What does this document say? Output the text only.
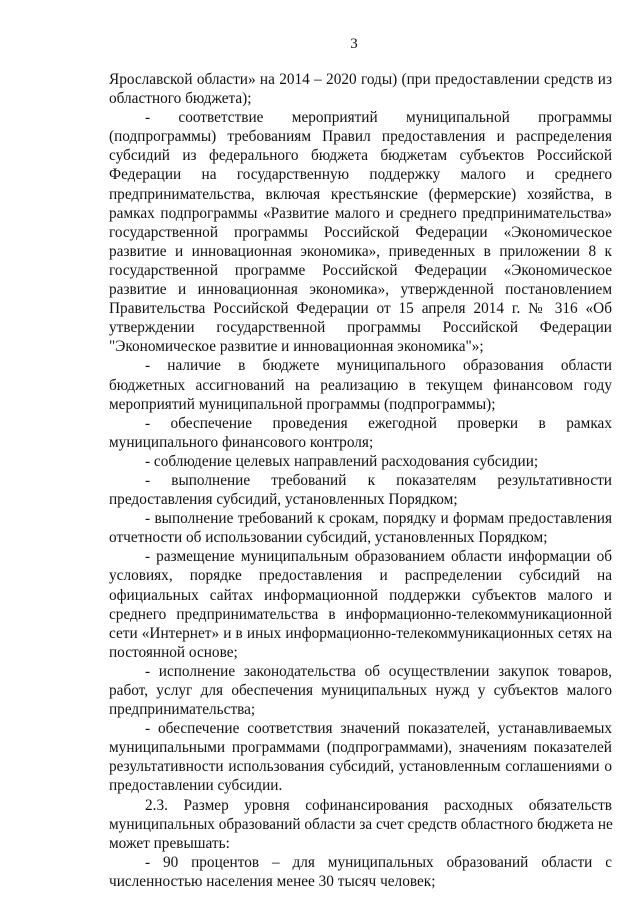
3
Ярославской области» на 2014 – 2020 годы) (при предоставлении средств из
областного бюджета);
- соответствие мероприятий муниципальной программы
(подпрограммы) требованиям Правил предоставления и распределения
субсидий из федерального бюджета бюджетам субъектов Российской
Федерации на государственную поддержку малого и среднего
предпринимательства, включая крестьянские (фермерские) хозяйства, в
рамках подпрограммы «Развитие малого и среднего предпринимательства»
государственной программы Российской Федерации «Экономическое
развитие и инновационная экономика», приведенных в приложении 8 к
государственной программе Российской Федерации «Экономическое
развитие и инновационная экономика», утвержденной постановлением
Правительства Российской Федерации от 15 апреля 2014 г. № 316 «Об
утверждении государственной программы Российской Федерации
"Экономическое развитие и инновационная экономика"»;
- наличие в бюджете муниципального образования области
бюджетных ассигнований на реализацию в текущем финансовом году
мероприятий муниципальной программы (подпрограммы);
- обеспечение проведения ежегодной проверки в рамках
муниципального финансового контроля;
- соблюдение целевых направлений расходования субсидии;
- выполнение требований к показателям результативности
предоставления субсидий, установленных Порядком;
- выполнение требований к срокам, порядку и формам предоставления
отчетности об использовании субсидий, установленных Порядком;
- размещение муниципальным образованием области информации об
условиях, порядке предоставления и распределении субсидий на
официальных сайтах информационной поддержки субъектов малого и
среднего предпринимательства в информационно-телекоммуникационной
сети «Интернет» и в иных информационно-телекоммуникационных сетях на
постоянной основе;
- исполнение законодательства об осуществлении закупок товаров,
работ, услуг для обеспечения муниципальных нужд у субъектов малого
предпринимательства;
- обеспечение соответствия значений показателей, устанавливаемых
муниципальными программами (подпрограммами), значениям показателей
результативности использования субсидий, установленным соглашениями о
предоставлении субсидии.
2.3. Размер уровня софинансирования расходных обязательств
муниципальных образований области за счет средств областного бюджета не
может превышать:
- 90 процентов – для муниципальных образований области с
численностью населения менее 30 тысяч человек;
